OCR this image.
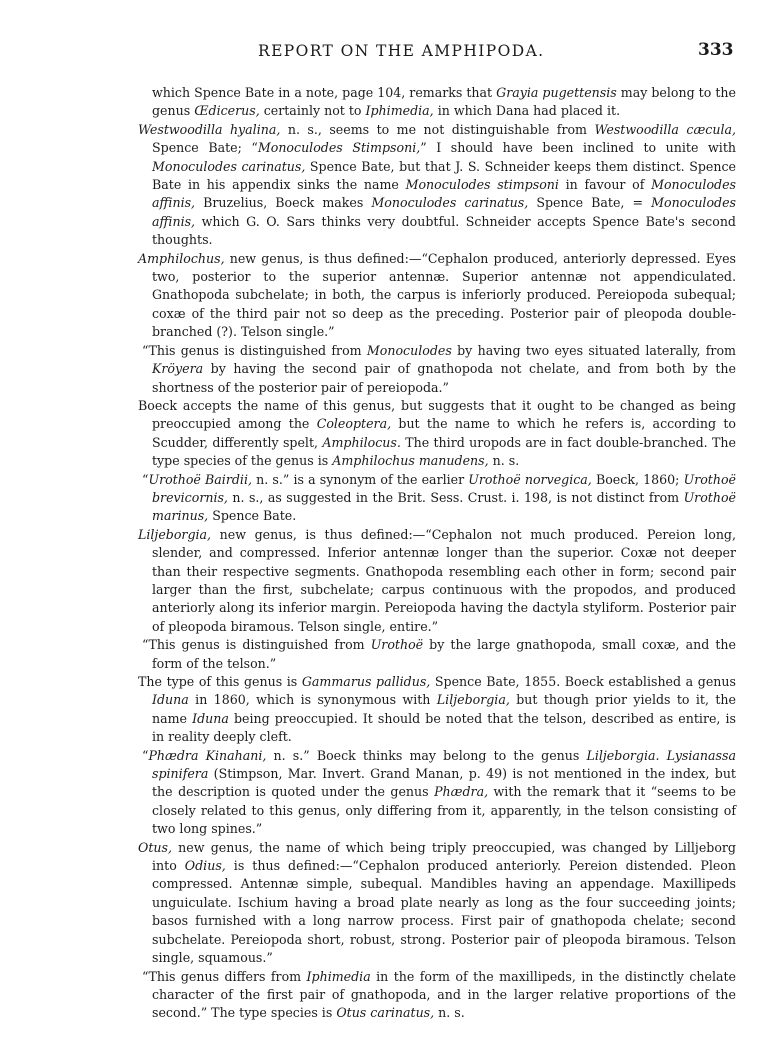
REPORT ON THE AMPHIPODA.	333

which Spence Bate in a note, page 104, remarks that Grayia pugettensis may belong to the genus Œdicerus, certainly not to Iphimedia, in which Dana had placed it.

Westwoodilla hyalina, n. s., seems to me not distinguishable from Westwoodilla cæcula, Spence Bate; “Monoculodes Stimpsoni,” I should have been inclined to unite with Monoculodes carinatus, Spence Bate, but that J. S. Schneider keeps them distinct. Spence Bate in his appendix sinks the name Monoculodes stimpsoni in favour of Monoculodes affinis, Bruzelius, Boeck makes Monoculodes carinatus, Spence Bate, = Monoculodes affinis, which G. O. Sars thinks very doubtful. Schneider accepts Spence Bate's second thoughts.

Amphilochus, new genus, is thus defined:—“Cephalon produced, anteriorly depressed. Eyes two, posterior to the superior antennæ. Superior antennæ not appendiculated. Gnathopoda subchelate; in both, the carpus is inferiorly produced. Pereiopoda subequal; coxæ of the third pair not so deep as the preceding. Posterior pair of pleopoda double-branched (?). Telson single.”

“This genus is distinguished from Monoculodes by having two eyes situated laterally, from Kröyera by having the second pair of gnathopoda not chelate, and from both by the shortness of the posterior pair of pereiopoda.”

Boeck accepts the name of this genus, but suggests that it ought to be changed as being preoccupied among the Coleoptera, but the name to which he refers is, according to Scudder, differently spelt, Amphilocus. The third uropods are in fact double-branched. The type species of the genus is Amphilochus manudens, n. s.

“Urothoë Bairdii, n. s.” is a synonym of the earlier Urothoë norvegica, Boeck, 1860; Urothoë brevicornis, n. s., as suggested in the Brit. Sess. Crust. i. 198, is not distinct from Urothoë marinus, Spence Bate.

Liljeborgia, new genus, is thus defined:—“Cephalon not much produced. Pereion long, slender, and compressed. Inferior antennæ longer than the superior. Coxæ not deeper than their respective segments. Gnathopoda resembling each other in form; second pair larger than the first, subchelate; carpus continuous with the propodos, and produced anteriorly along its inferior margin. Pereiopoda having the dactyla styliform. Posterior pair of pleopoda biramous. Telson single, entire.”

“This genus is distinguished from Urothoë by the large gnathopoda, small coxæ, and the form of the telson.”

The type of this genus is Gammarus pallidus, Spence Bate, 1855. Boeck established a genus Iduna in 1860, which is synonymous with Liljeborgia, but though prior yields to it, the name Iduna being preoccupied. It should be noted that the telson, described as entire, is in reality deeply cleft.

“Phædra Kinahani, n. s.” Boeck thinks may belong to the genus Liljeborgia. Lysianassa spinifera (Stimpson, Mar. Invert. Grand Manan, p. 49) is not mentioned in the index, but the description is quoted under the genus Phædra, with the remark that it “seems to be closely related to this genus, only differing from it, apparently, in the telson consisting of two long spines.”

Otus, new genus, the name of which being triply preoccupied, was changed by Lilljeborg into Odius, is thus defined:—“Cephalon produced anteriorly. Pereion distended. Pleon compressed. Antennæ simple, subequal. Mandibles having an appendage. Maxillipeds unguiculate. Ischium having a broad plate nearly as long as the four succeeding joints; basos furnished with a long narrow process. First pair of gnathopoda chelate; second subchelate. Pereiopoda short, robust, strong. Posterior pair of pleopoda biramous. Telson single, squamous.”

“This genus differs from Iphimedia in the form of the maxillipeds, in the distinctly chelate character of the first pair of gnathopoda, and in the larger relative proportions of the second.” The type species is Otus carinatus, n. s.
